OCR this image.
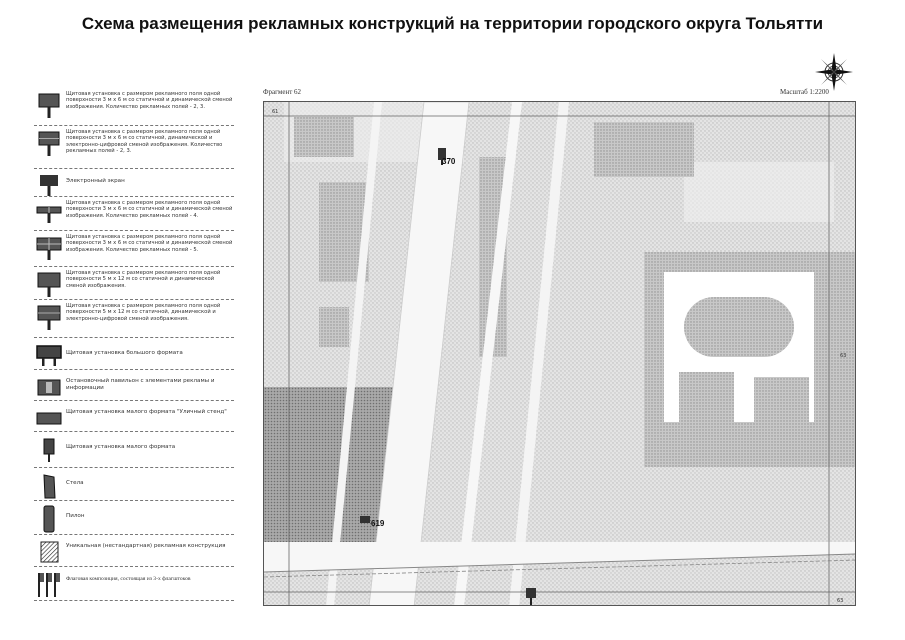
Схема размещения рекламных конструкций на территории городского округа Тольятти
Щитовая установка с размером рекламного поля одной поверхности 3 м х 6 м со статичной и динамической сменой изображения. Количество рекламных полей - 2, 3.
Щитовая установка с размером рекламного поля одной поверхности 3 м х 6 м со статичной, динамической и электронно-цифровой сменой изображения. Количество рекламных полей - 2, 3.
Электронный экран
Щитовая установка с размером рекламного поля одной поверхности 3 м х 6 м со статичной и динамической сменой изображения. Количество рекламных полей - 4.
Щитовая установка с размером рекламного поля одной поверхности 3 м х 6 м со статичной и динамической сменой изображения. Количество рекламных полей - 5.
Щитовая установка с размером рекламного поля одной поверхности 5 м х 12 м со статичной и динамической сменой изображения.
Щитовая установка с размером рекламного поля одной поверхности 5 м х 12 м со статичной, динамической и электронно-цифровой сменой изображения.
Щитовая установка большого формата
Остановочный павильон с элементами рекламы и информации
Щитовая установка малого формата "Уличный стенд"
Щитовая установка малого формата
Стела
Пилон
Уникальная (нестандартная) рекламная конструкция
Флаговая композиция, состоящая из 3-х флагштоков
Фрагмент 62	Масштаб 1:2200
61
63
63
370
619
